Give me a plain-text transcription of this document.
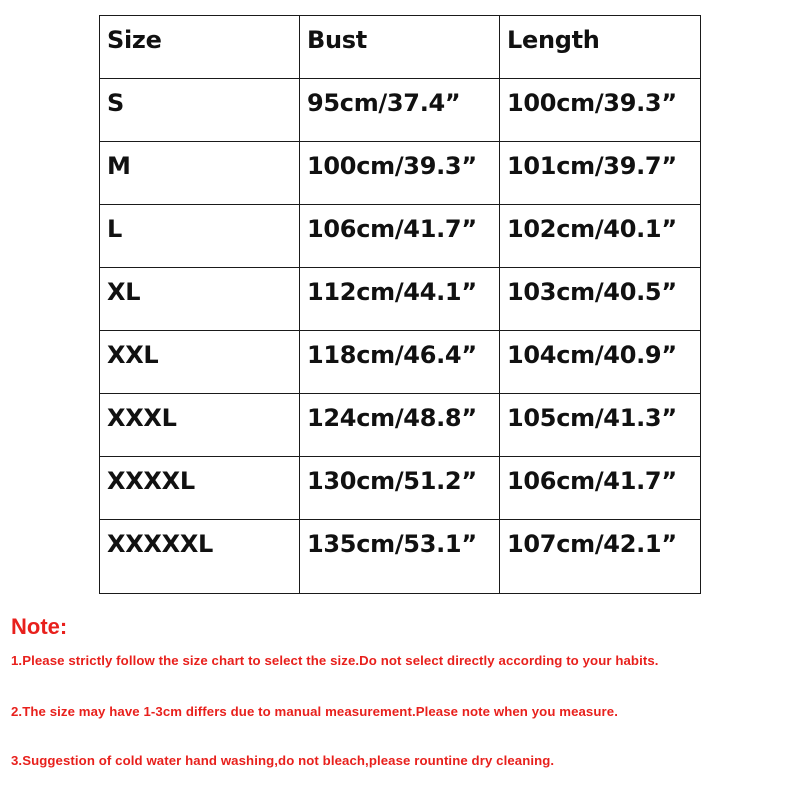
Size	Bust	Length

S	95cm/37.4”	100cm/39.3”

M	100cm/39.3”	101cm/39.7”

L	106cm/41.7”	102cm/40.1”

XL	112cm/44.1”	103cm/40.5”

XXL	118cm/46.4”	104cm/40.9”

XXXL	124cm/48.8”	105cm/41.3”

XXXXL	130cm/51.2”	106cm/41.7”

XXXXXL	135cm/53.1”	107cm/42.1”
Note:

1.Please strictly follow the size chart to select the size.Do not select directly according to your habits.

2.The size may have 1-3cm differs due to manual measurement.Please note when you measure.

3.Suggestion of cold water hand washing,do not bleach,please rountine dry cleaning.
